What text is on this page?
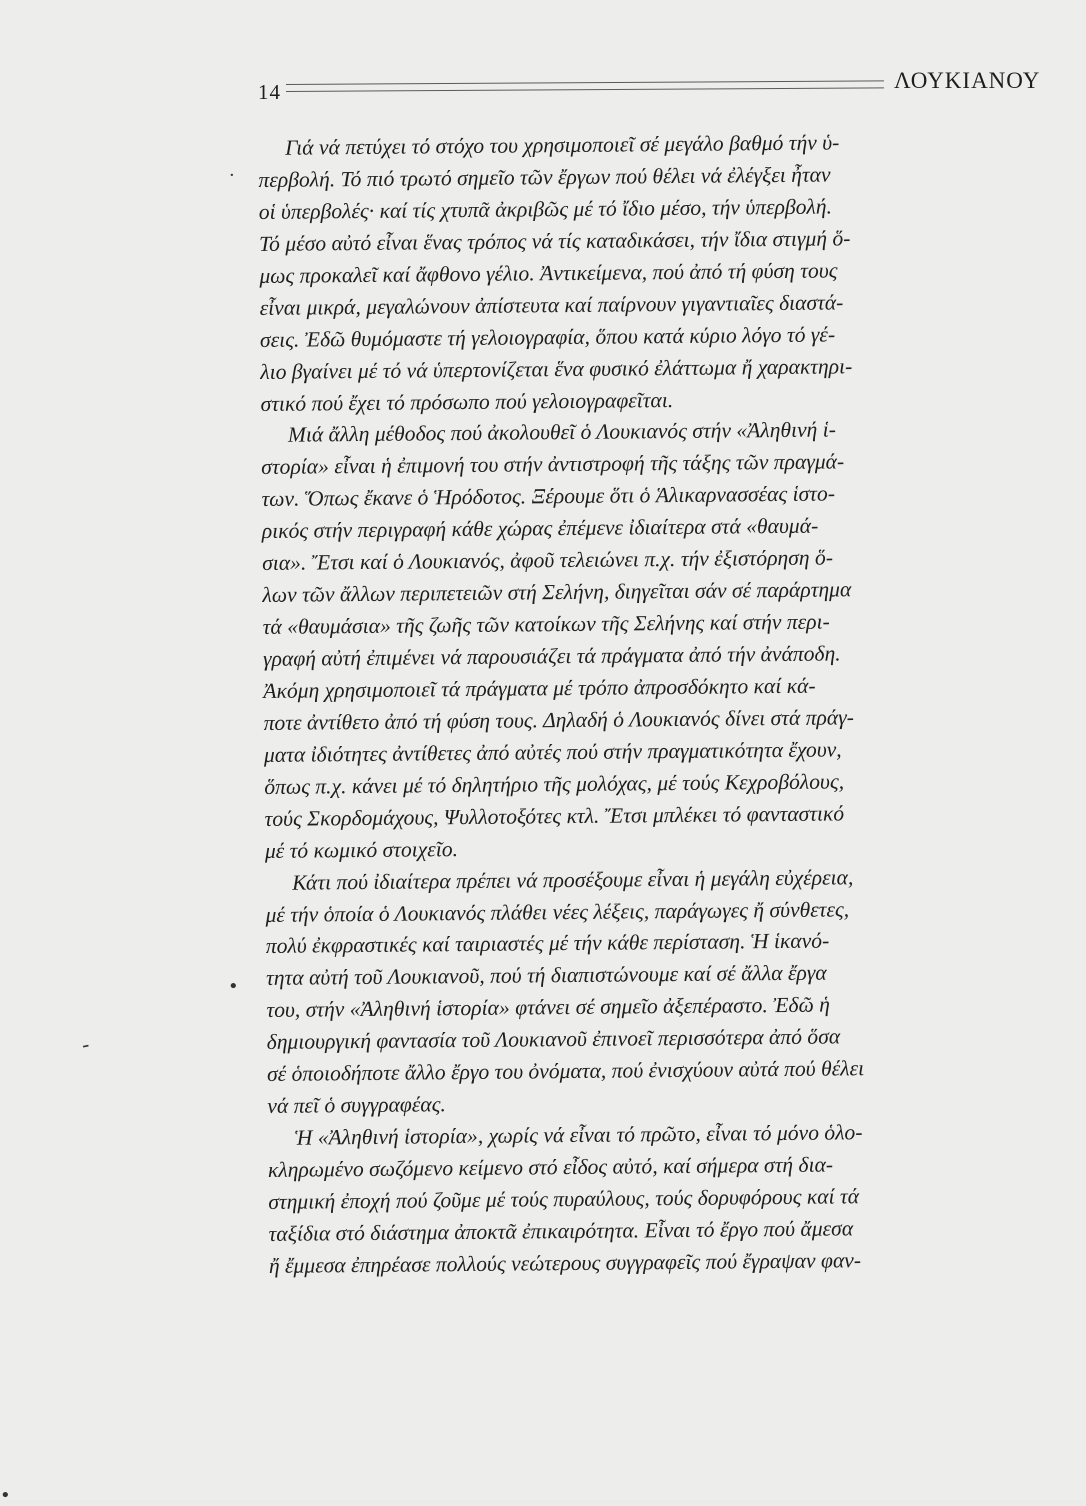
14	ΛΟΥΚΙΑΝΟΥ
Γιά νά πετύχει τό στόχο του χρησιμοποιεῖ σέ μεγάλο βαθμό τήν ὑ-
περβολή. Τό πιό τρωτό σημεῖο τῶν ἔργων πού θέλει νά ἐλέγξει ἦταν
οἱ ὑπερβολές· καί τίς χτυπᾶ ἀκριβῶς μέ τό ἴδιο μέσο, τήν ὑπερβολή.
Τό μέσο αὐτό εἶναι ἕνας τρόπος νά τίς καταδικάσει, τήν ἴδια στιγμή ὅ-
μως προκαλεῖ καί ἄφθονο γέλιο. Ἀντικείμενα, πού ἀπό τή φύση τους
εἶναι μικρά, μεγαλώνουν ἀπίστευτα καί παίρνουν γιγαντιαῖες διαστά-
σεις. Ἐδῶ θυμόμαστε τή γελοιογραφία, ὅπου κατά κύριο λόγο τό γέ-
λιο βγαίνει μέ τό νά ὑπερτονίζεται ἕνα φυσικό ἐλάττωμα ἤ χαρακτηρι-
στικό πού ἔχει τό πρόσωπο πού γελοιογραφεῖται.
Μιά ἄλλη μέθοδος πού ἀκολουθεῖ ὁ Λουκιανός στήν «Ἀληθινή ἱ-
στορία» εἶναι ἡ ἐπιμονή του στήν ἀντιστροφή τῆς τάξης τῶν πραγμά-
των. Ὅπως ἔκανε ὁ Ἡρόδοτος. Ξέρουμε ὅτι ὁ Ἁλικαρνασσέας ἱστο-
ρικός στήν περιγραφή κάθε χώρας ἐπέμενε ἰδιαίτερα στά «θαυμά-
σια». Ἔτσι καί ὁ Λουκιανός, ἀφοῦ τελειώνει π.χ. τήν ἐξιστόρηση ὅ-
λων τῶν ἄλλων περιπετειῶν στή Σελήνη, διηγεῖται σάν σέ παράρτημα
τά «θαυμάσια» τῆς ζωῆς τῶν κατοίκων τῆς Σελήνης καί στήν περι-
γραφή αὐτή ἐπιμένει νά παρουσιάζει τά πράγματα ἀπό τήν ἀνάποδη.
Ἀκόμη χρησιμοποιεῖ τά πράγματα μέ τρόπο ἀπροσδόκητο καί κά-
ποτε ἀντίθετο ἀπό τή φύση τους. Δηλαδή ὁ Λουκιανός δίνει στά πράγ-
ματα ἰδιότητες ἀντίθετες ἀπό αὐτές πού στήν πραγματικότητα ἔχουν,
ὅπως π.χ. κάνει μέ τό δηλητήριο τῆς μολόχας, μέ τούς Κεχροβόλους,
τούς Σκορδομάχους, Ψυλλοτοξότες κτλ. Ἔτσι μπλέκει τό φανταστικό
μέ τό κωμικό στοιχεῖο.
Κάτι πού ἰδιαίτερα πρέπει νά προσέξουμε εἶναι ἡ μεγάλη εὐχέρεια,
μέ τήν ὁποία ὁ Λουκιανός πλάθει νέες λέξεις, παράγωγες ἤ σύνθετες,
πολύ ἐκφραστικές καί ταιριαστές μέ τήν κάθε περίσταση. Ἡ ἱκανό-
τητα αὐτή τοῦ Λουκιανοῦ, πού τή διαπιστώνουμε καί σέ ἄλλα ἔργα
του, στήν «Ἀληθινή ἱστορία» φτάνει σέ σημεῖο ἀξεπέραστο. Ἐδῶ ἡ
δημιουργική φαντασία τοῦ Λουκιανοῦ ἐπινοεῖ περισσότερα ἀπό ὅσα
σέ ὁποιοδήποτε ἄλλο ἔργο του ὀνόματα, πού ἐνισχύουν αὐτά πού θέλει
νά πεῖ ὁ συγγραφέας.
Ἡ «Ἀληθινή ἱστορία», χωρίς νά εἶναι τό πρῶτο, εἶναι τό μόνο ὁλο-
κληρωμένο σωζόμενο κείμενο στό εἶδος αὐτό, καί σήμερα στή δια-
στημική ἐποχή πού ζοῦμε μέ τούς πυραύλους, τούς δορυφόρους καί τά
ταξίδια στό διάστημα ἀποκτᾶ ἐπικαιρότητα. Εἶναι τό ἔργο πού ἄμεσα
ἤ ἔμμεσα ἐπηρέασε πολλούς νεώτερους συγγραφεῖς πού ἔγραψαν φαν-
·
•
-
•
